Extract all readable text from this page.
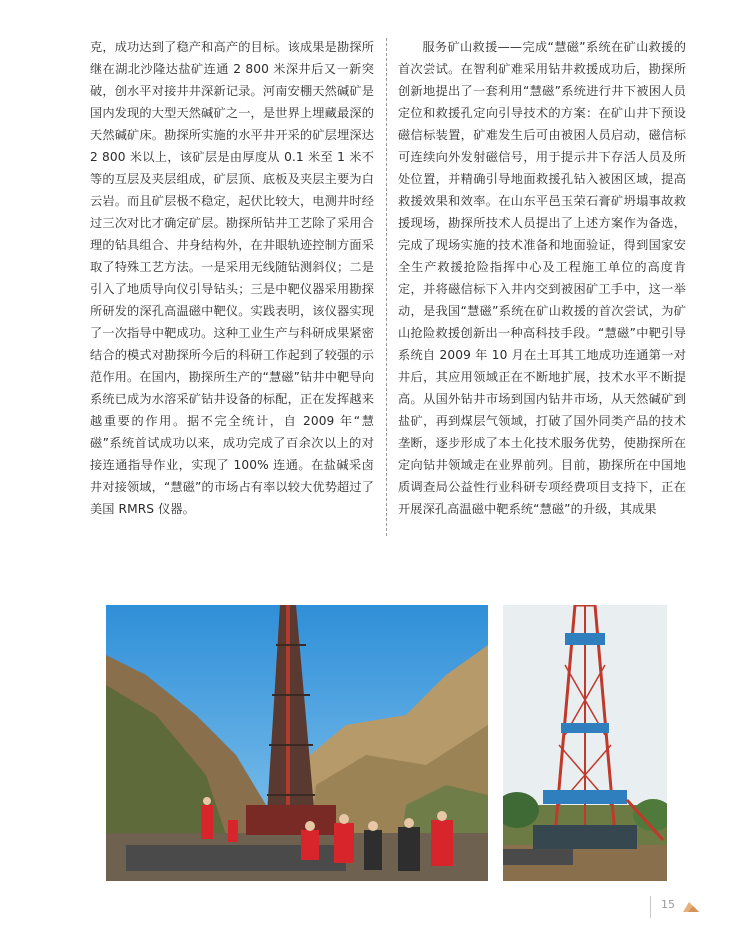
克，成功达到了稳产和高产的目标。该成果是勘探所继在湖北沙隆达盐矿连通 2 800 米深井后又一新突破，创水平对接井井深新记录。河南安棚天然碱矿是国内发现的大型天然碱矿之一，是世界上埋藏最深的天然碱矿床。勘探所实施的水平井开采的矿层埋深达 2 800 米以上，该矿层是由厚度从 0.1 米至 1 米不等的互层及夹层组成，矿层顶、底板及夹层主要为白云岩。而且矿层极不稳定，起伏比较大，电测井时经过三次对比才确定矿层。勘探所钻井工艺除了采用合理的钻具组合、井身结构外，在井眼轨迹控制方面采取了特殊工艺方法。一是采用无线随钻测斜仪；二是引入了地质导向仪引导钻头；三是中靶仪器采用勘探所研发的深孔高温磁中靶仪。实践表明，该仪器实现了一次指导中靶成功。这种工业生产与科研成果紧密结合的模式对勘探所今后的科研工作起到了较强的示范作用。在国内，勘探所生产的“慧磁”钻井中靶导向系统已成为水溶采矿钻井设备的标配，正在发挥越来越重要的作用。据不完全统计，自 2009 年“慧磁”系统首试成功以来，成功完成了百余次以上的对接连通指导作业，实现了 100% 连通。在盐碱采卤井对接领域，“慧磁”的市场占有率以较大优势超过了美国 RMRS 仪器。

服务矿山救援——完成“慧磁”系统在矿山救援的首次尝试。在智利矿难采用钻井救援成功后，勘探所创新地提出了一套利用“慧磁”系统进行井下被困人员定位和救援孔定向引导技术的方案：在矿山井下预设磁信标装置，矿难发生后可由被困人员启动，磁信标可连续向外发射磁信号，用于提示井下存活人员及所处位置，并精确引导地面救援孔钻入被困区域，提高救援效果和效率。在山东平邑玉荣石膏矿坍塌事故救援现场，勘探所技术人员提出了上述方案作为备选，完成了现场实施的技术准备和地面验证，得到国家安全生产救援抢险指挥中心及工程施工单位的高度肯定，并将磁信标下入井内交到被困矿工手中，这一举动，是我国“慧磁”系统在矿山救援的首次尝试，为矿山抢险救援创新出一种高科技手段。“慧磁”中靶引导系统自 2009 年 10 月在土耳其工地成功连通第一对井后，其应用领域正在不断地扩展，技术水平不断提高。从国外钻井市场到国内钻井市场，从天然碱矿到盐矿，再到煤层气领域，打破了国外同类产品的技术垄断，逐步形成了本土化技术服务优势，使勘探所在定向钻井领域走在业界前列。目前，勘探所在中国地质调查局公益性行业科研专项经费项目支持下，正在开展深孔高温磁中靶系统“慧磁”的升级，其成果

15
